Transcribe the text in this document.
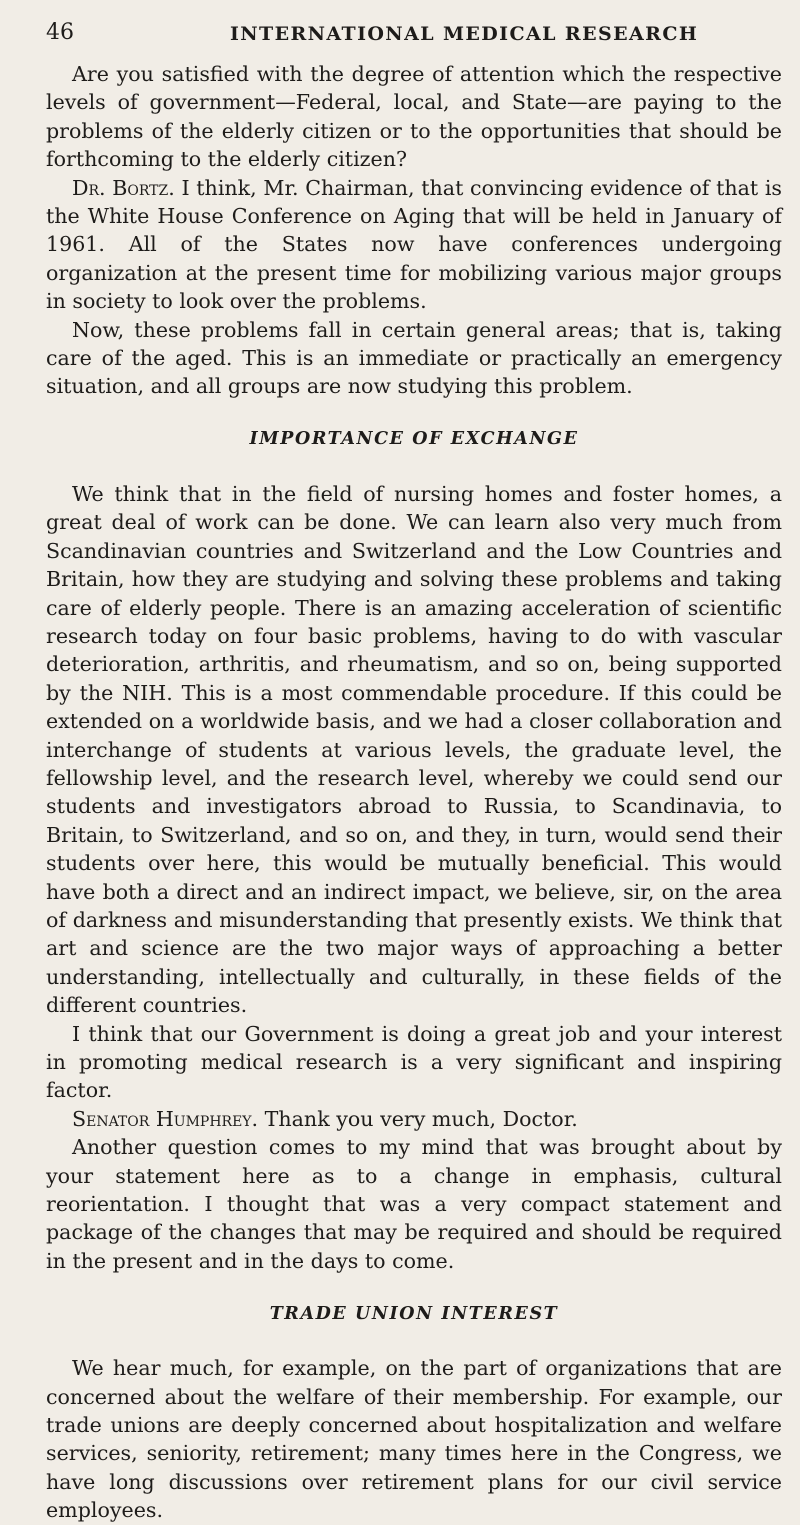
46	INTERNATIONAL MEDICAL RESEARCH

Are you satisfied with the degree of attention which the respective levels of government—Federal, local, and State—are paying to the problems of the elderly citizen or to the opportunities that should be forthcoming to the elderly citizen?

Dr. Bortz. I think, Mr. Chairman, that convincing evidence of that is the White House Conference on Aging that will be held in January of 1961. All of the States now have conferences undergoing organization at the present time for mobilizing various major groups in society to look over the problems.

Now, these problems fall in certain general areas; that is, taking care of the aged. This is an immediate or practically an emergency situation, and all groups are now studying this problem.

IMPORTANCE OF EXCHANGE

We think that in the field of nursing homes and foster homes, a great deal of work can be done. We can learn also very much from Scandinavian countries and Switzerland and the Low Countries and Britain, how they are studying and solving these problems and taking care of elderly people. There is an amazing acceleration of scientific research today on four basic problems, having to do with vascular deterioration, arthritis, and rheumatism, and so on, being supported by the NIH. This is a most commendable procedure. If this could be extended on a worldwide basis, and we had a closer collaboration and interchange of students at various levels, the graduate level, the fellowship level, and the research level, whereby we could send our students and investigators abroad to Russia, to Scandinavia, to Britain, to Switzerland, and so on, and they, in turn, would send their students over here, this would be mutually beneficial. This would have both a direct and an indirect impact, we believe, sir, on the area of darkness and misunderstanding that presently exists. We think that art and science are the two major ways of approaching a better understanding, intellectually and culturally, in these fields of the different countries.

I think that our Government is doing a great job and your interest in promoting medical research is a very significant and inspiring factor.

Senator Humphrey. Thank you very much, Doctor.

Another question comes to my mind that was brought about by your statement here as to a change in emphasis, cultural reorientation. I thought that was a very compact statement and package of the changes that may be required and should be required in the present and in the days to come.

TRADE UNION INTEREST

We hear much, for example, on the part of organizations that are concerned about the welfare of their membership. For example, our trade unions are deeply concerned about hospitalization and welfare services, seniority, retirement; many times here in the Congress, we have long discussions over retirement plans for our civil service employees.
